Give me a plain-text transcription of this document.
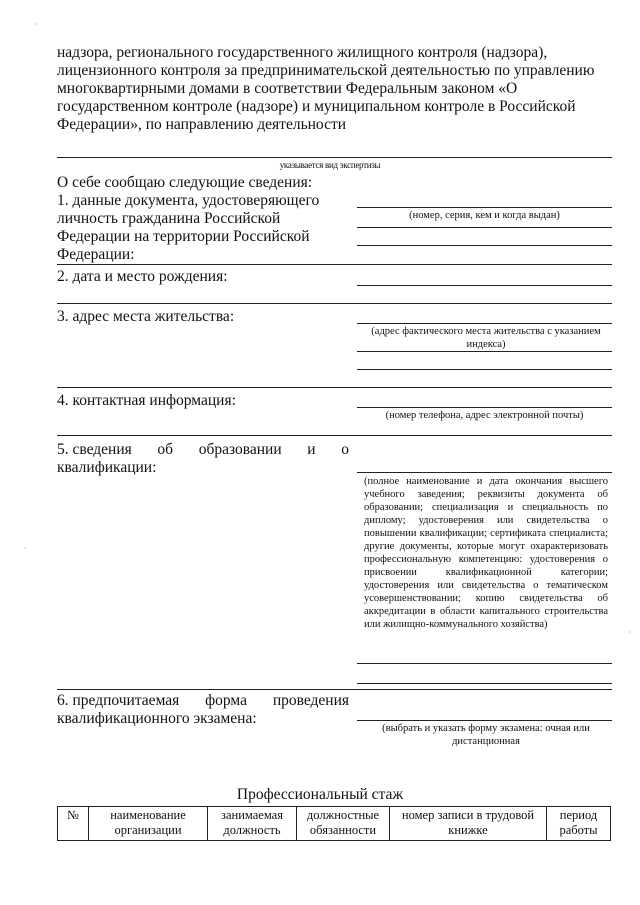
·
·
·
надзора, регионального государственного жилищного контроля (надзора),
лицензионного контроля за предпринимательской деятельностью по управлению
многоквартирными домами в соответствии Федеральным законом «О
государственном контроле (надзоре) и муниципальном контроле в Российской
Федерации», по направлению деятельности
указывается вид экспертизы
О себе сообщаю следующие сведения:
1. данные документа, удостоверяющего
личность гражданина Российской
Федерации на территории Российской
Федерации:
(номер, серия, кем и когда выдан)
2. дата и место рождения:
3. адрес места жительства:
(адрес фактического места жительства с указанием индекса)
4. контактная информация:
(номер телефона, адрес электронной почты)
5. сведения об образовании и о
квалификации:
(полное наименование и дата окончания высшего учебного заведения; реквизиты документа об образовании; специализация и специальность по диплому; удостоверения или свидетельства о повышении квалификации; сертификата специалиста; другие документы, которые могут охарактеризовать профессиональную компетенцию: удостоверения о присвоении квалификационной категории; удостоверения или свидетельства о тематическом усовершенствовании; копию свидетельства об аккредитации в области капитального строительства или жилищно-коммунального хозяйства)
6. предпочитаемая форма проведения
квалификационного экзамена:
(выбрать и указать форму экзамена: очная или дистанционная
Профессиональный стаж
№	наименование организации	занимаемая должность	должностные обязанности	номер записи в трудовой книжке	период работы
